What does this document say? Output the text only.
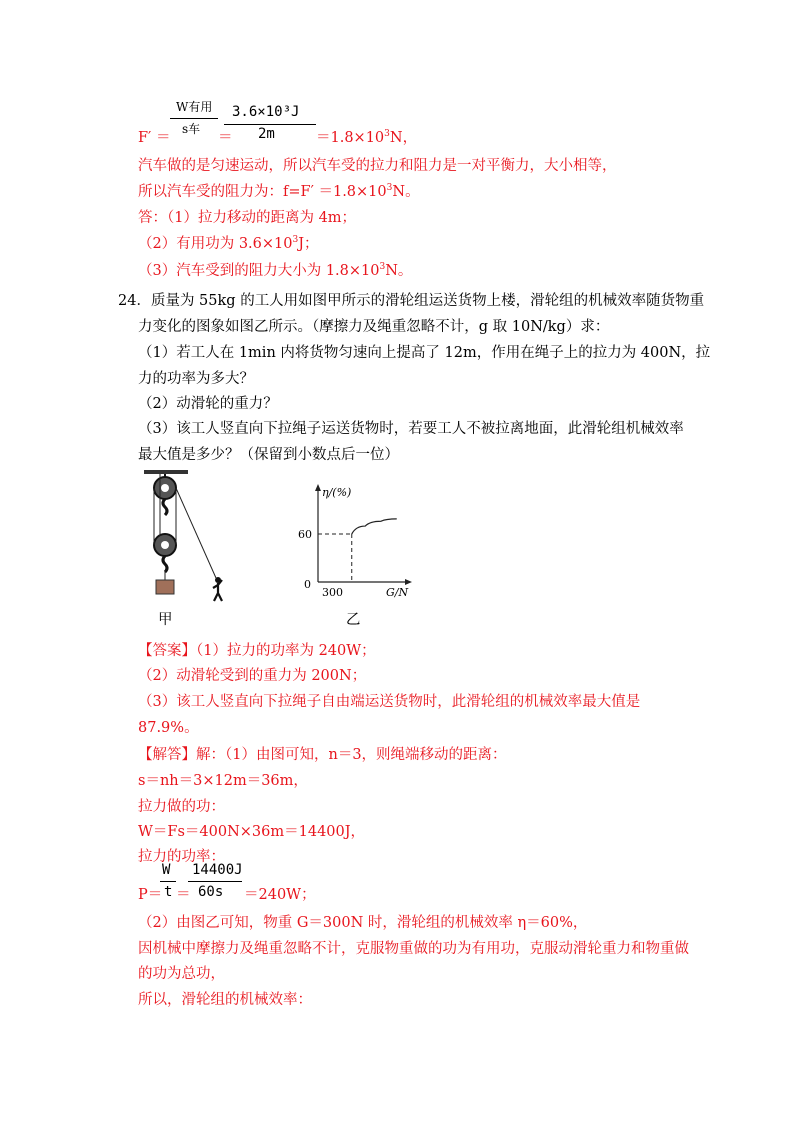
W有用
s车
3.6×10³J
2m
F′ ＝	＝	$=1.8\times 10^3N$，
汽车做的是匀速运动，所以汽车受的拉力和阻力是一对平衡力，大小相等，
所以汽车受的阻力为：$f=F' =1.8\times 10^3N$。
答：（1）拉力移动的距离为 4m；
（2）有用功为 $3.6\times 10^3J$；
（3）汽车受到的阻力大小为 $1.8\times 10^3N$。
24．质量为 55kg 的工人用如图甲所示的滑轮组运送货物上楼，滑轮组的机械效率随货物重
力变化的图象如图乙所示。（摩擦力及绳重忽略不计，g 取 10N/kg）求：
（1）若工人在 1min 内将货物匀速向上提高了 12m，作用在绳子上的拉力为 400N，拉
力的功率为多大？
（2）动滑轮的重力？
（3）该工人竖直向下拉绳子运送货物时，若要工人不被拉离地面，此滑轮组机械效率
最大值是多少？（保留到小数点后一位）
甲
η/(%)
G/N
0
300
60
乙
【答案】（1）拉力的功率为 240W；
（2）动滑轮受到的重力为 200N；
（3）该工人竖直向下拉绳子自由端运送货物时，此滑轮组的机械效率最大值是
87.9%。
【解答】解：（1）由图可知，n＝3，则绳端移动的距离：
s＝nh＝3×12m＝36m，
拉力做的功：
W＝Fs＝400N×36m＝14400J，
拉力的功率：
W
t
14400J
60s
P＝ ＝	＝240W；
（2）由图乙可知，物重 G＝300N 时，滑轮组的机械效率 η＝60%，
因机械中摩擦力及绳重忽略不计，克服物重做的功为有用功，克服动滑轮重力和物重做
的功为总功，
所以，滑轮组的机械效率：
